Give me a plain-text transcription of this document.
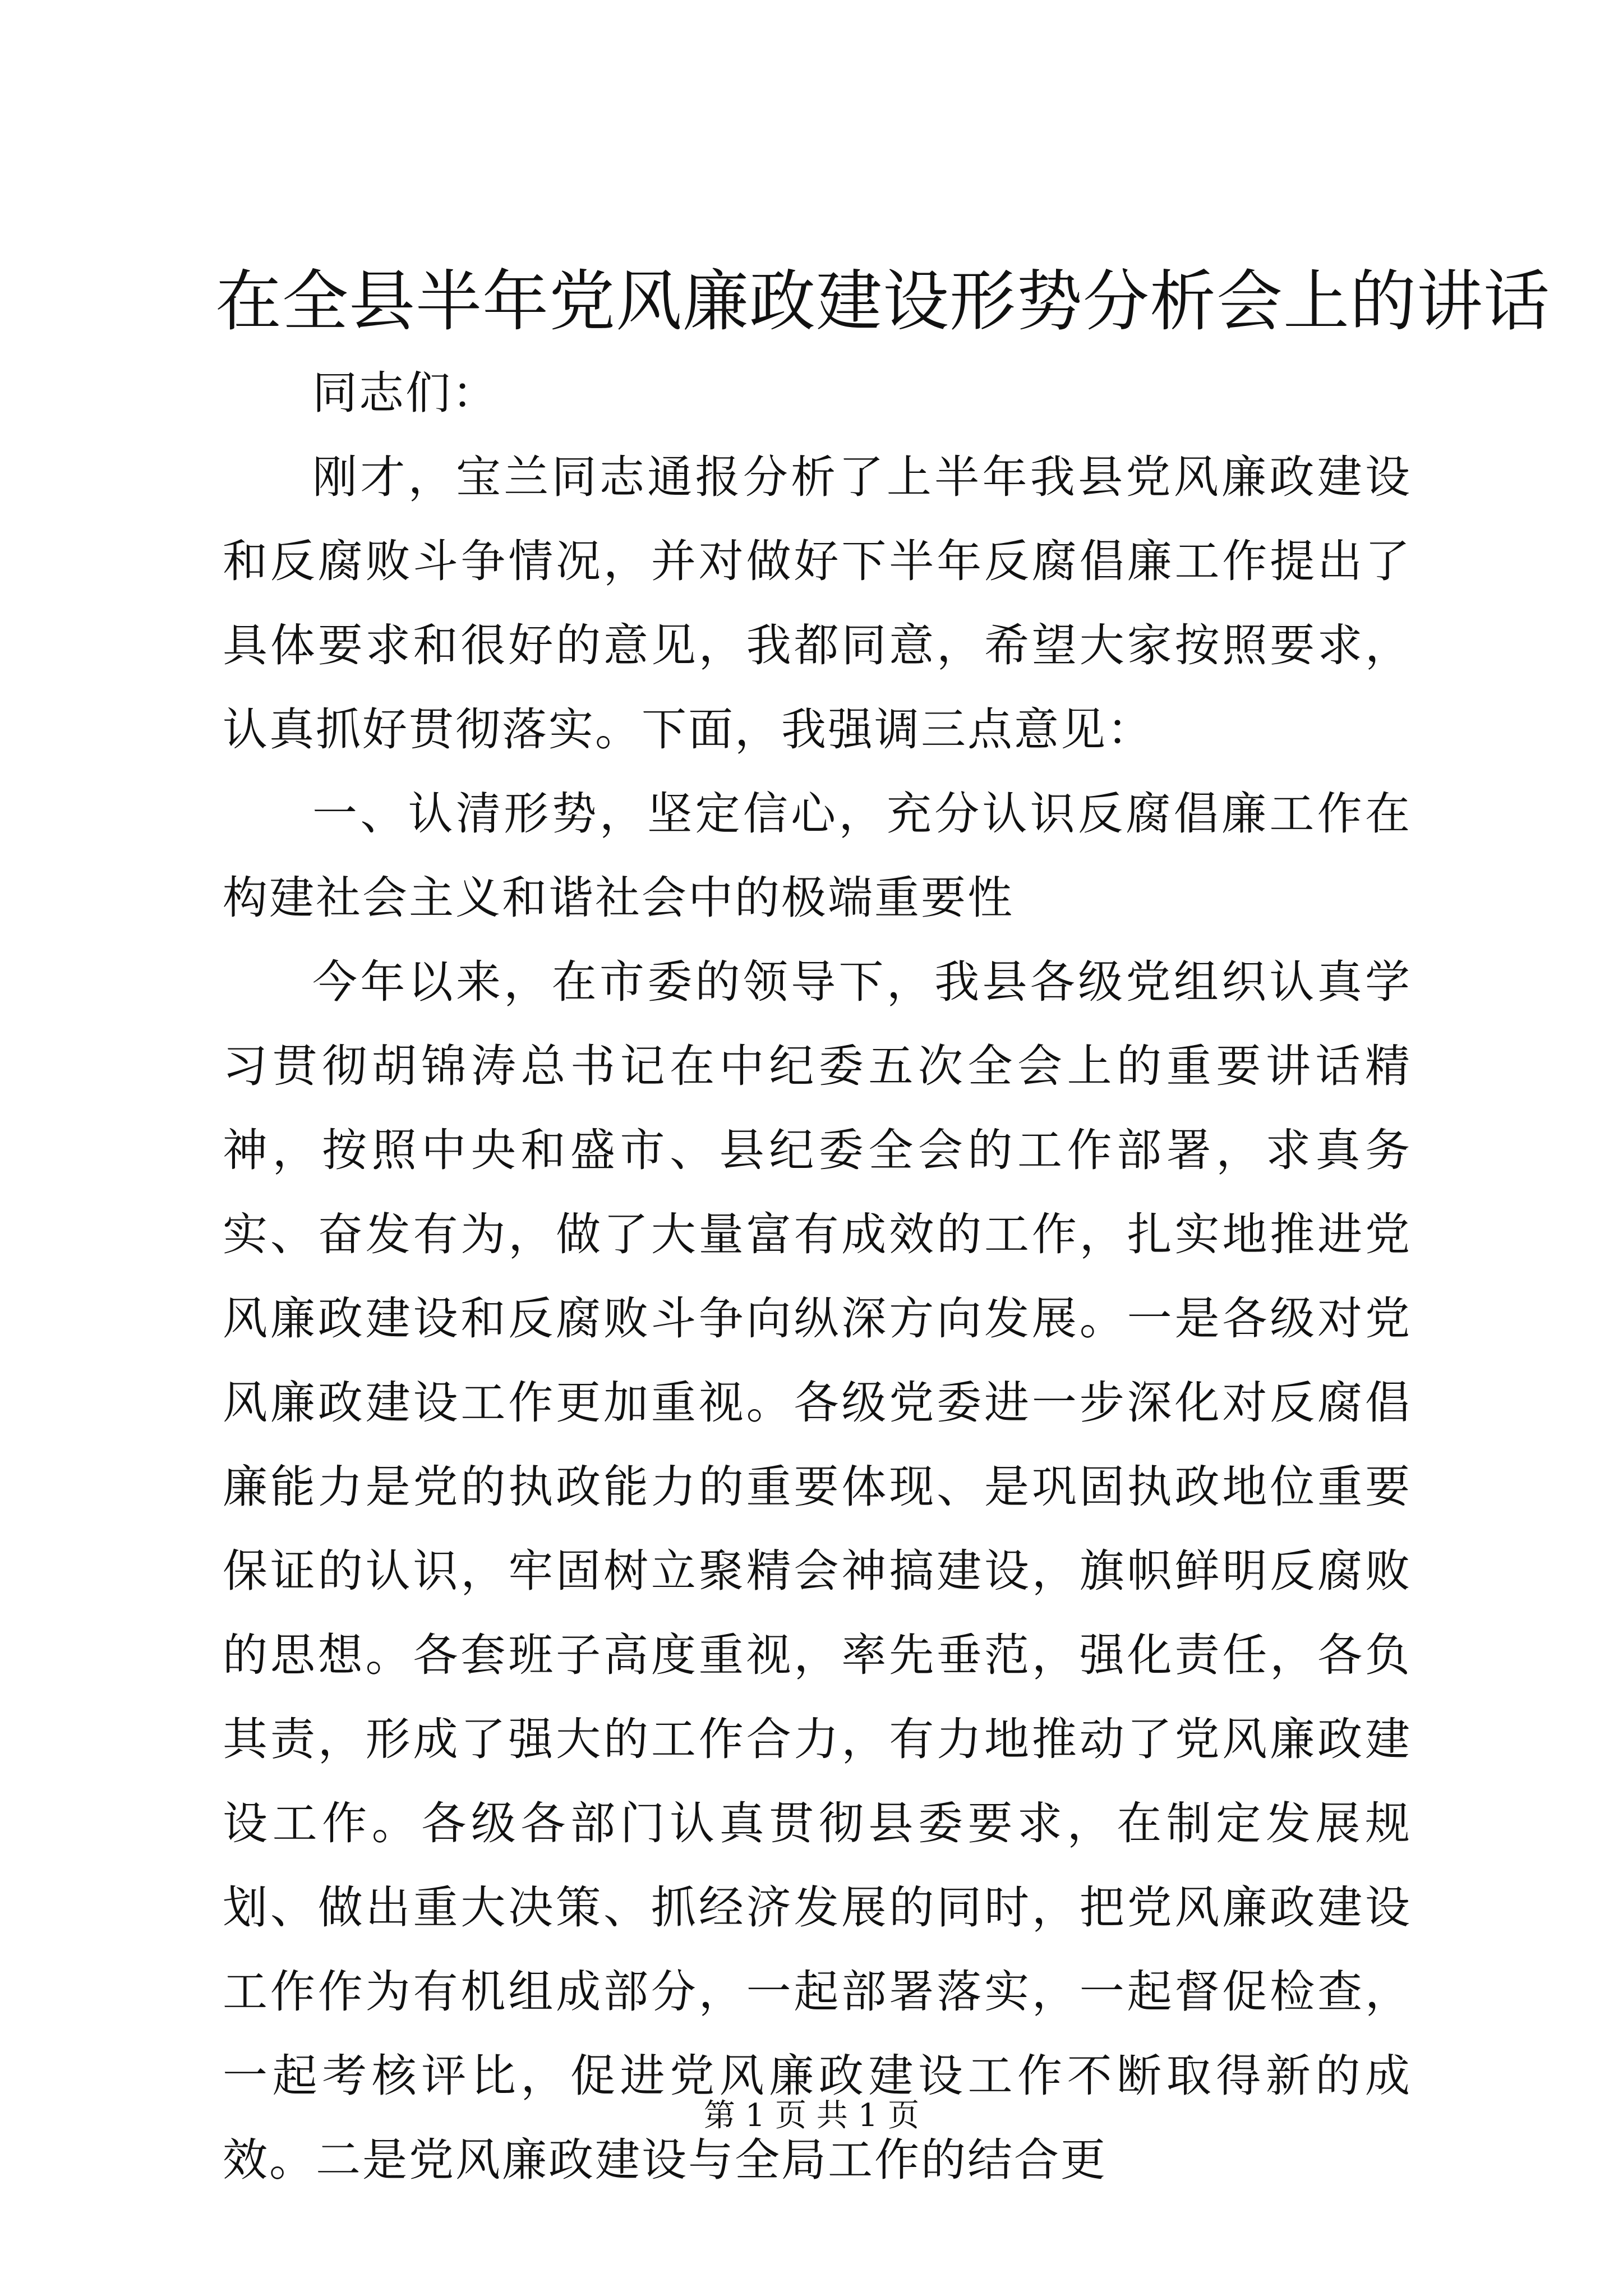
在全县半年党风廉政建设形势分析会上的讲话

同志们：

刚才，宝兰同志通报分析了上半年我县党风廉政建设和反腐败斗争情况，并对做好下半年反腐倡廉工作提出了具体要求和很好的意见，我都同意，希望大家按照要求，认真抓好贯彻落实。下面，我强调三点意见：

一、认清形势，坚定信心，充分认识反腐倡廉工作在构建社会主义和谐社会中的极端重要性

今年以来，在市委的领导下，我县各级党组织认真学习贯彻胡锦涛总书记在中纪委五次全会上的重要讲话精神，按照中央和盛市、县纪委全会的工作部署，求真务实、奋发有为，做了大量富有成效的工作，扎实地推进党风廉政建设和反腐败斗争向纵深方向发展。一是各级对党风廉政建设工作更加重视。各级党委进一步深化对反腐倡廉能力是党的执政能力的重要体现、是巩固执政地位重要保证的认识，牢固树立聚精会神搞建设，旗帜鲜明反腐败的思想。各套班子高度重视，率先垂范，强化责任，各负其责，形成了强大的工作合力，有力地推动了党风廉政建设工作。各级各部门认真贯彻县委要求，在制定发展规划、做出重大决策、抓经济发展的同时，把党风廉政建设工作作为有机组成部分，一起部署落实，一起督促检查，一起考核评比，促进党风廉政建设工作不断取得新的成效。二是党风廉政建设与全局工作的结合更

第 1 页 共 1 页
